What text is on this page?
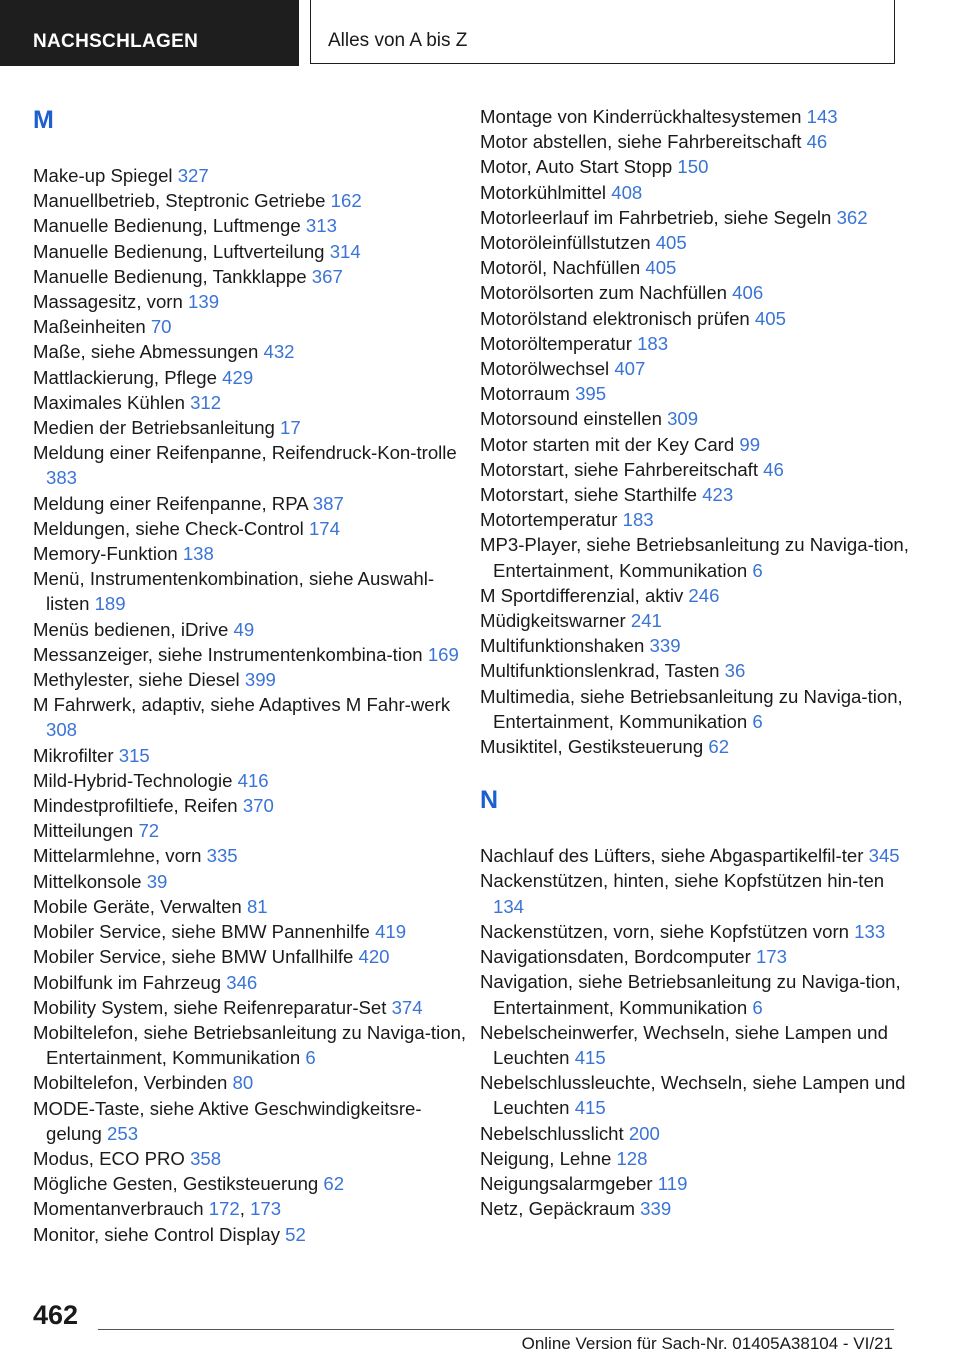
NACHSCHLAGEN	Alles von A bis Z
M
Make-up Spiegel 327
Manuellbetrieb, Steptronic Getriebe 162
Manuelle Bedienung, Luftmenge 313
Manuelle Bedienung, Luftverteilung 314
Manuelle Bedienung, Tankklappe 367
Massagesitz, vorn 139
Maßeinheiten 70
Maße, siehe Abmessungen 432
Mattlackierung, Pflege 429
Maximales Kühlen 312
Medien der Betriebsanleitung 17
Meldung einer Reifenpanne, Reifendruck-Kon-trolle 383
Meldung einer Reifenpanne, RPA 387
Meldungen, siehe Check-Control 174
Memory-Funktion 138
Menü, Instrumentenkombination, siehe Auswahl-listen 189
Menüs bedienen, iDrive 49
Messanzeiger, siehe Instrumentenkombina-tion 169
Methylester, siehe Diesel 399
M Fahrwerk, adaptiv, siehe Adaptives M Fahr-werk 308
Mikrofilter 315
Mild-Hybrid-Technologie 416
Mindestprofiltiefe, Reifen 370
Mitteilungen 72
Mittelarmlehne, vorn 335
Mittelkonsole 39
Mobile Geräte, Verwalten 81
Mobiler Service, siehe BMW Pannenhilfe 419
Mobiler Service, siehe BMW Unfallhilfe 420
Mobilfunk im Fahrzeug 346
Mobility System, siehe Reifenreparatur-Set 374
Mobiltelefon, siehe Betriebsanleitung zu Naviga-tion, Entertainment, Kommunikation 6
Mobiltelefon, Verbinden 80
MODE-Taste, siehe Aktive Geschwindigkeitsre-gelung 253
Modus, ECO PRO 358
Mögliche Gesten, Gestiksteuerung 62
Momentanverbrauch 172, 173
Monitor, siehe Control Display 52
Montage von Kinderrückhaltesystemen 143
Motor abstellen, siehe Fahrbereitschaft 46
Motor, Auto Start Stopp 150
Motorkühlmittel 408
Motorleerlauf im Fahrbetrieb, siehe Segeln 362
Motoröleinfüllstutzen 405
Motoröl, Nachfüllen 405
Motorölsorten zum Nachfüllen 406
Motorölstand elektronisch prüfen 405
Motoröltemperatur 183
Motorölwechsel 407
Motorraum 395
Motorsound einstellen 309
Motor starten mit der Key Card 99
Motorstart, siehe Fahrbereitschaft 46
Motorstart, siehe Starthilfe 423
Motortemperatur 183
MP3-Player, siehe Betriebsanleitung zu Naviga-tion, Entertainment, Kommunikation 6
M Sportdifferenzial, aktiv 246
Müdigkeitswarner 241
Multifunktionshaken 339
Multifunktionslenkrad, Tasten 36
Multimedia, siehe Betriebsanleitung zu Naviga-tion, Entertainment, Kommunikation 6
Musiktitel, Gestiksteuerung 62
N
Nachlauf des Lüfters, siehe Abgaspartikelfil-ter 345
Nackenstützen, hinten, siehe Kopfstützen hin-ten 134
Nackenstützen, vorn, siehe Kopfstützen vorn 133
Navigationsdaten, Bordcomputer 173
Navigation, siehe Betriebsanleitung zu Naviga-tion, Entertainment, Kommunikation 6
Nebelscheinwerfer, Wechseln, siehe Lampen und Leuchten 415
Nebelschlussleuchte, Wechseln, siehe Lampen und Leuchten 415
Nebelschlusslicht 200
Neigung, Lehne 128
Neigungsalarmgeber 119
Netz, Gepäckraum 339
462
Online Version für Sach-Nr. 01405A38104 - VI/21
